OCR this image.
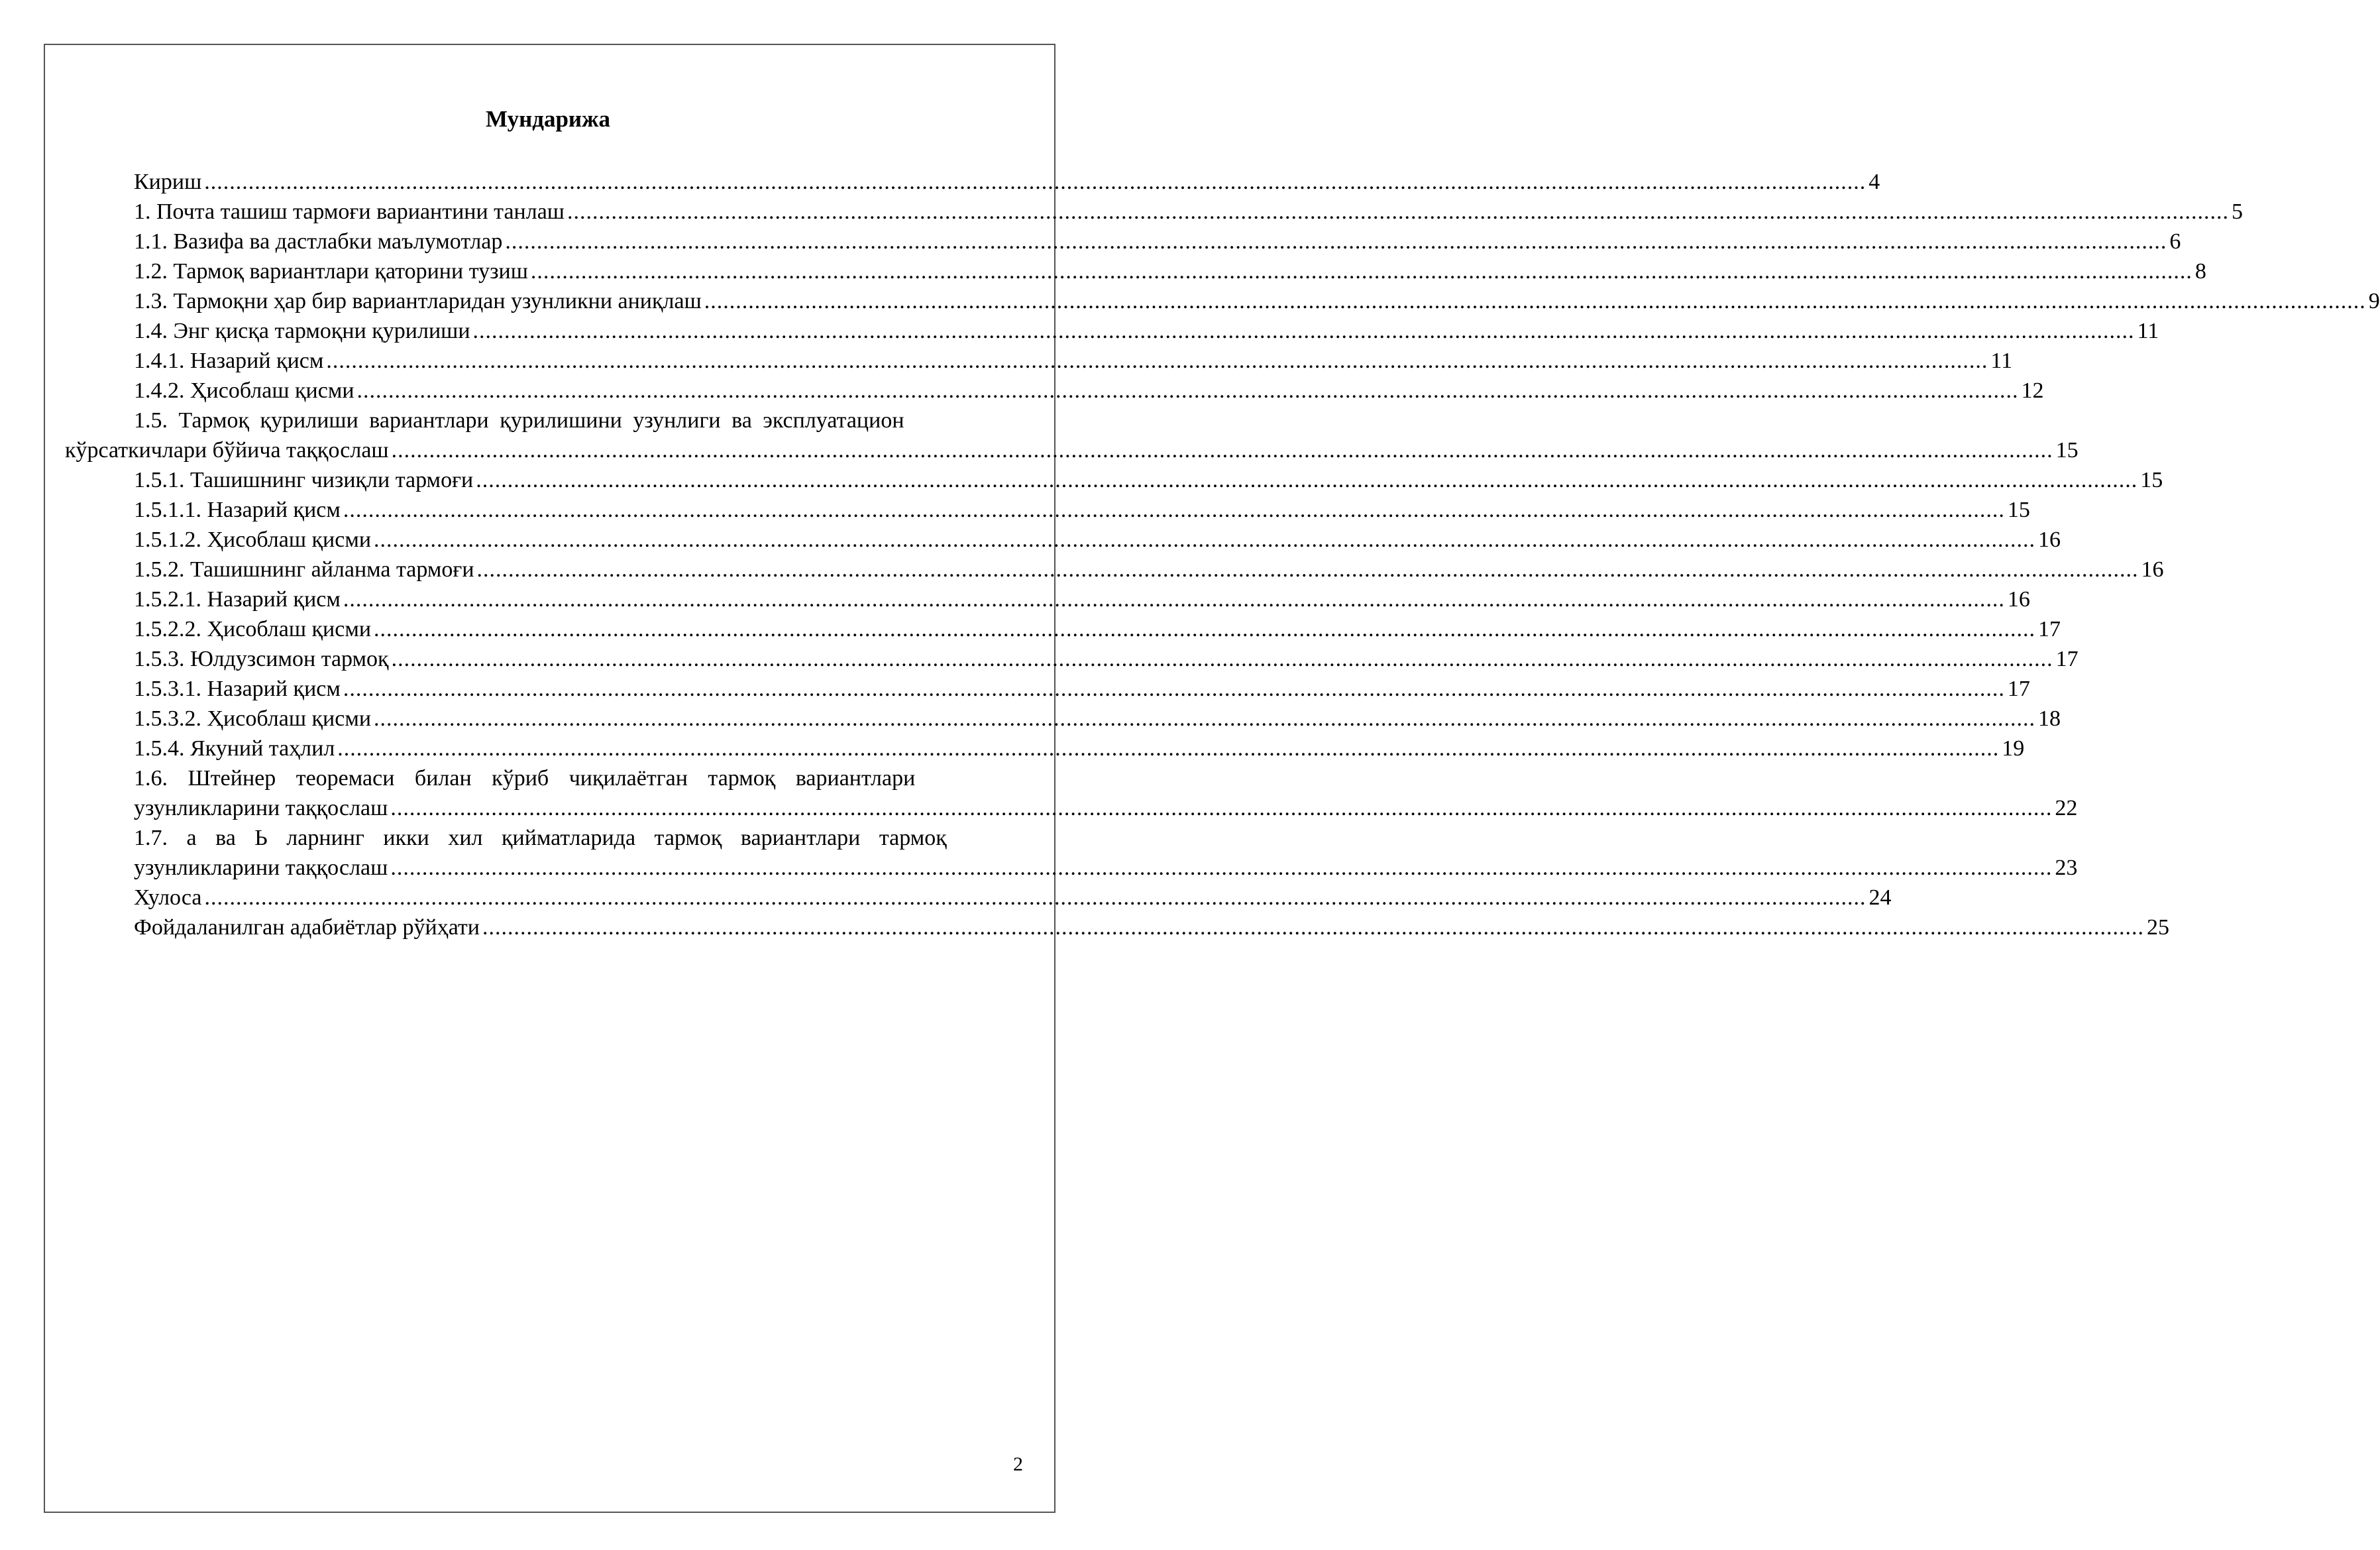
Мундарижа
Кириш .....	4
1. Почта ташиш тармоғи вариантини танлаш .....	5
1.1. Вазифа ва дастлабки маълумотлар .....	6
1.2. Тармоқ вариантлари қаторини тузиш .....	8
1.3. Тармоқни ҳар бир вариантларидан узунликни аниқлаш .....	9
1.4. Энг қисқа тармоқни қурилиши .....	11
1.4.1. Назарий қисм .....	11
1.4.2. Ҳисоблаш қисми .....	12
1.5. Тармоқ қурилиши вариантлари қурилишини узунлиги ва эксплуатацион
кўрсаткичлари бўйича таққослаш .....	15
1.5.1. Ташишнинг чизиқли тармоғи .....	15
1.5.1.1. Назарий қисм .....	15
1.5.1.2. Ҳисоблаш қисми .....	16
1.5.2. Ташишнинг айланма тармоғи .....	16
1.5.2.1. Назарий қисм .....	16
1.5.2.2. Ҳисоблаш қисми .....	17
1.5.3. Юлдузсимон тармоқ .....	17
1.5.3.1. Назарий қисм .....	17
1.5.3.2. Ҳисоблаш қисми .....	18
1.5.4. Якуний таҳлил .....	19
1.6. Штейнер теоремаси билан кўриб чиқилаётган тармоқ вариантлари
узунликларини таққослаш .....	22
1.7. а ва Ь ларнинг икки хил қийматларида тармоқ вариантлари тармоқ
узунликларини таққослаш .....	23
Хулоса .....	24
Фойдаланилган адабиётлар рўйҳати .....	25
2
